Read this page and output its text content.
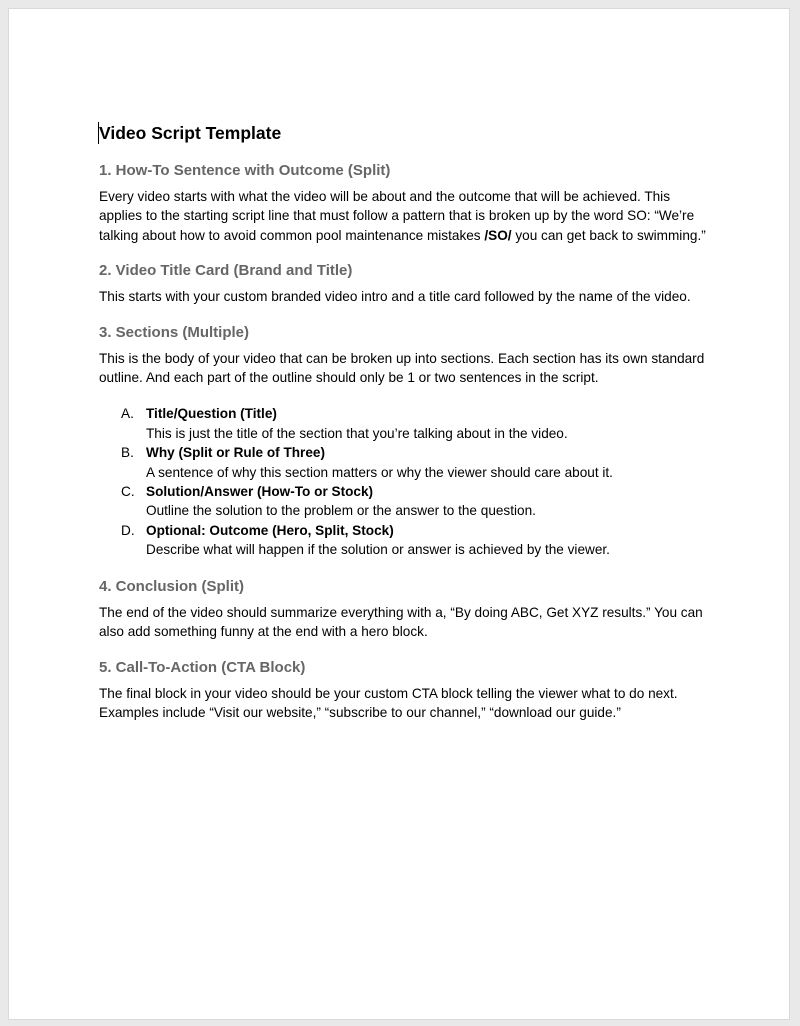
Video Script Template
1. How-To Sentence with Outcome (Split)
Every video starts with what the video will be about and the outcome that will be achieved. This applies to the starting script line that must follow a pattern that is broken up by the word SO: “We’re talking about how to avoid common pool maintenance mistakes /SO/ you can get back to swimming.”
2. Video Title Card (Brand and Title)
This starts with your custom branded video intro and a title card followed by the name of the video.
3. Sections (Multiple)
This is the body of your video that can be broken up into sections. Each section has its own standard outline. And each part of the outline should only be 1 or two sentences in the script.
A. Title/Question (Title)
This is just the title of the section that you’re talking about in the video.
B. Why (Split or Rule of Three)
A sentence of why this section matters or why the viewer should care about it.
C. Solution/Answer (How-To or Stock)
Outline the solution to the problem or the answer to the question.
D. Optional: Outcome (Hero, Split, Stock)
Describe what will happen if the solution or answer is achieved by the viewer.
4. Conclusion (Split)
The end of the video should summarize everything with a, “By doing ABC, Get XYZ results.” You can also add something funny at the end with a hero block.
5. Call-To-Action (CTA Block)
The final block in your video should be your custom CTA block telling the viewer what to do next. Examples include “Visit our website,” “subscribe to our channel,” “download our guide.”
